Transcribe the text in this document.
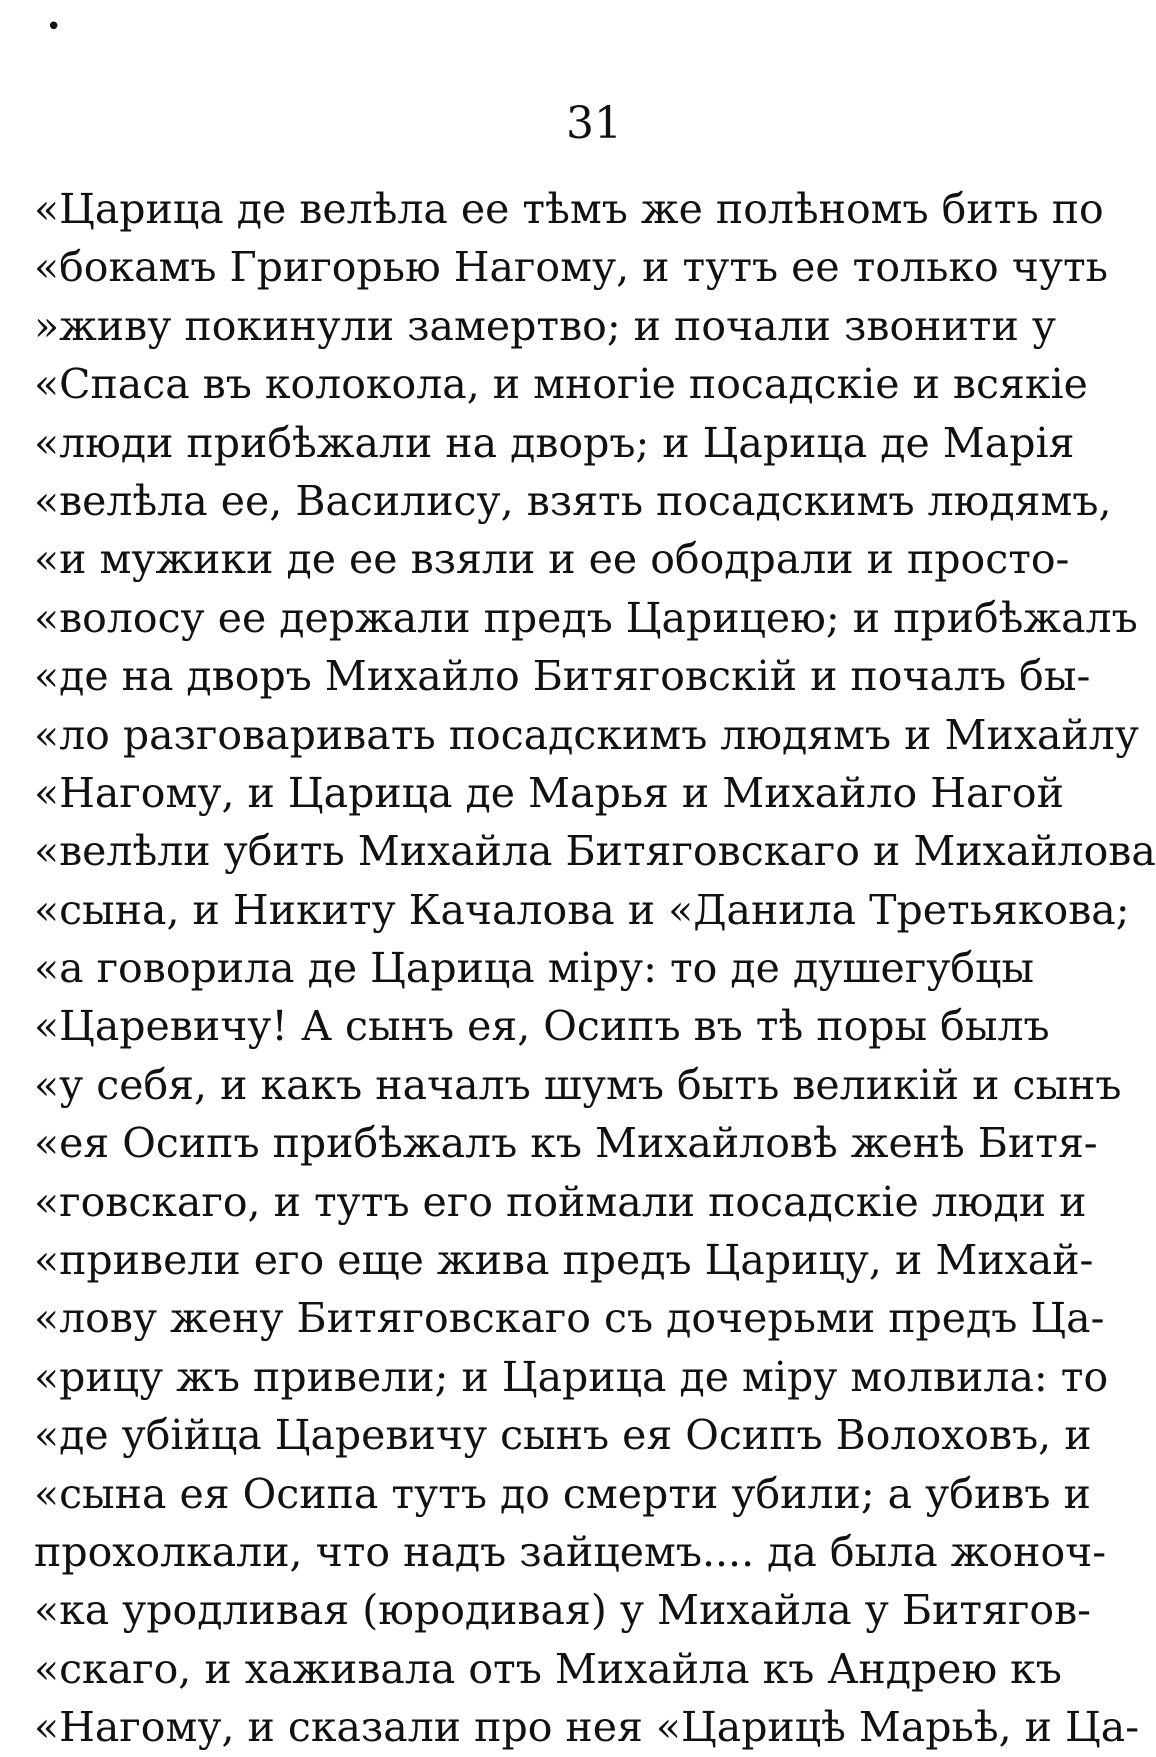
•
31
«Царица де велѣла ее тѣмъ же полѣномъ бить по
«бокамъ Григорью Нагому, и тутъ ее только чуть
»живу покинули замертво; и почали звонити у
«Спаса въ колокола, и многіе посадскіе и всякіе
«люди прибѣжали на дворъ; и Царица де Марія
«велѣла ее, Василису, взять посадскимъ людямъ,
«и мужики де ее взяли и ее ободрали и просто-
«волосу ее держали предъ Царицею; и прибѣжалъ
«де на дворъ Михайло Битяговскій и почалъ бы-
«ло разговаривать посадскимъ людямъ и Михайлу
«Нагому, и Царица де Марья и Михайло Нагой
«велѣли убить Михайла Битяговскаго и Михайлова
«сына, и Никиту Качалова и «Данила Третьякова;
«а говорила де Царица міру: то де душегубцы
«Царевичу! А сынъ ея, Осипъ въ тѣ поры былъ
«у себя, и какъ началъ шумъ быть великій и сынъ
«ея Осипъ прибѣжалъ къ Михайловѣ женѣ Битя-
«говскаго, и тутъ его поймали посадскіе люди и
«привели его еще жива предъ Царицу, и Михай-
«лову жену Битяговскаго съ дочерьми предъ Ца-
«рицу жъ привели; и Царица де міру молвила: то
«де убійца Царевичу сынъ ея Осипъ Волоховъ, и
«сына ея Осипа тутъ до смерти убили; а убивъ и
прохолкали, что надъ зайцемъ.... да была жоноч-
«ка уродливая (юродивая) у Михайла у Битягов-
«скаго, и хаживала отъ Михайла къ Андрею къ
«Нагому, и сказали про нея «Царицѣ Марьѣ, и Ца-
